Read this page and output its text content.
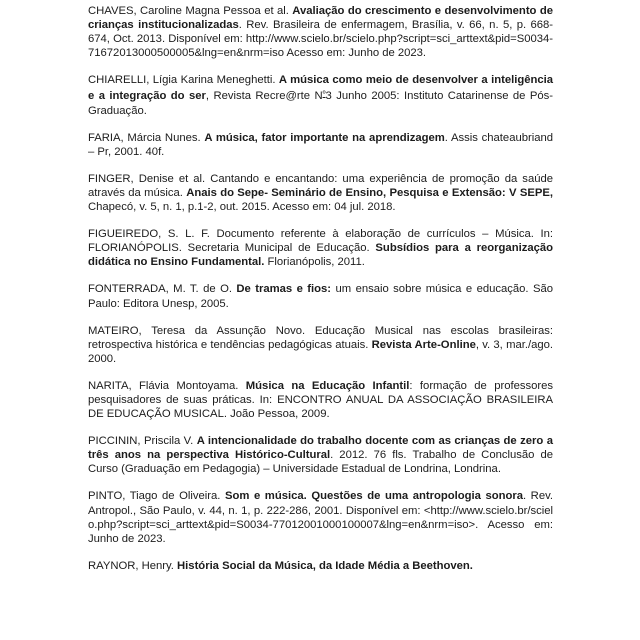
CHAVES, Caroline Magna Pessoa et al. Avaliação do crescimento e desenvolvimento de crianças institucionalizadas. Rev. Brasileira de enfermagem, Brasília, v. 66, n. 5, p. 668- 674, Oct. 2013. Disponível em: http://www.scielo.br/scielo.php?script=sci_arttext&pid=S0034-71672013000500005&lng=en&nrm=iso Acesso em: Junho de 2023.

CHIARELLI, Lígia Karina Meneghetti. A música como meio de desenvolver a inteligência e a integração do ser, Revista Recre@rte $N^º3$ Junho 2005: Instituto Catarinense de Pós-Graduação.

FARIA, Márcia Nunes. A música, fator importante na aprendizagem. Assis chateaubriand – Pr, 2001. 40f.

FINGER, Denise et al. Cantando e encantando: uma experiência de promoção da saúde através da música. Anais do Sepe- Seminário de Ensino, Pesquisa e Extensão: V SEPE, Chapecó, v. 5, n. 1, p.1-2, out. 2015. Acesso em: 04 jul. 2018.

FIGUEIREDO, S. L. F. Documento referente à elaboração de currículos – Música. In: FLORIANÓPOLIS. Secretaria Municipal de Educação. Subsídios para a reorganização didática no Ensino Fundamental. Florianópolis, 2011.

FONTERRADA, M. T. de O. De tramas e fios: um ensaio sobre música e educação. São Paulo: Editora Unesp, 2005.

MATEIRO, Teresa da Assunção Novo. Educação Musical nas escolas brasileiras: retrospectiva histórica e tendências pedagógicas atuais. Revista Arte-Online, v. 3, mar./ago. 2000.

NARITA, Flávia Montoyama. Música na Educação Infantil: formação de professores pesquisadores de suas práticas. In: ENCONTRO ANUAL DA ASSOCIAÇÃO BRASILEIRA DE EDUCAÇÃO MUSICAL. João Pessoa, 2009.

PICCININ, Priscila V. A intencionalidade do trabalho docente com as crianças de zero a três anos na perspectiva Histórico-Cultural. 2012. 76 fls. Trabalho de Conclusão de Curso (Graduação em Pedagogia) – Universidade Estadual de Londrina, Londrina.

PINTO, Tiago de Oliveira. Som e música. Questões de uma antropologia sonora. Rev. Antropol., São Paulo, v. 44, n. 1, p. 222-286, 2001. Disponível em: <http://www.scielo.br/scielo.php?script=sci_arttext&pid=S0034-77012001000100007&lng=en&nrm=iso>. Acesso em: Junho de 2023.

RAYNOR, Henry. História Social da Música, da Idade Média a Beethoven.
